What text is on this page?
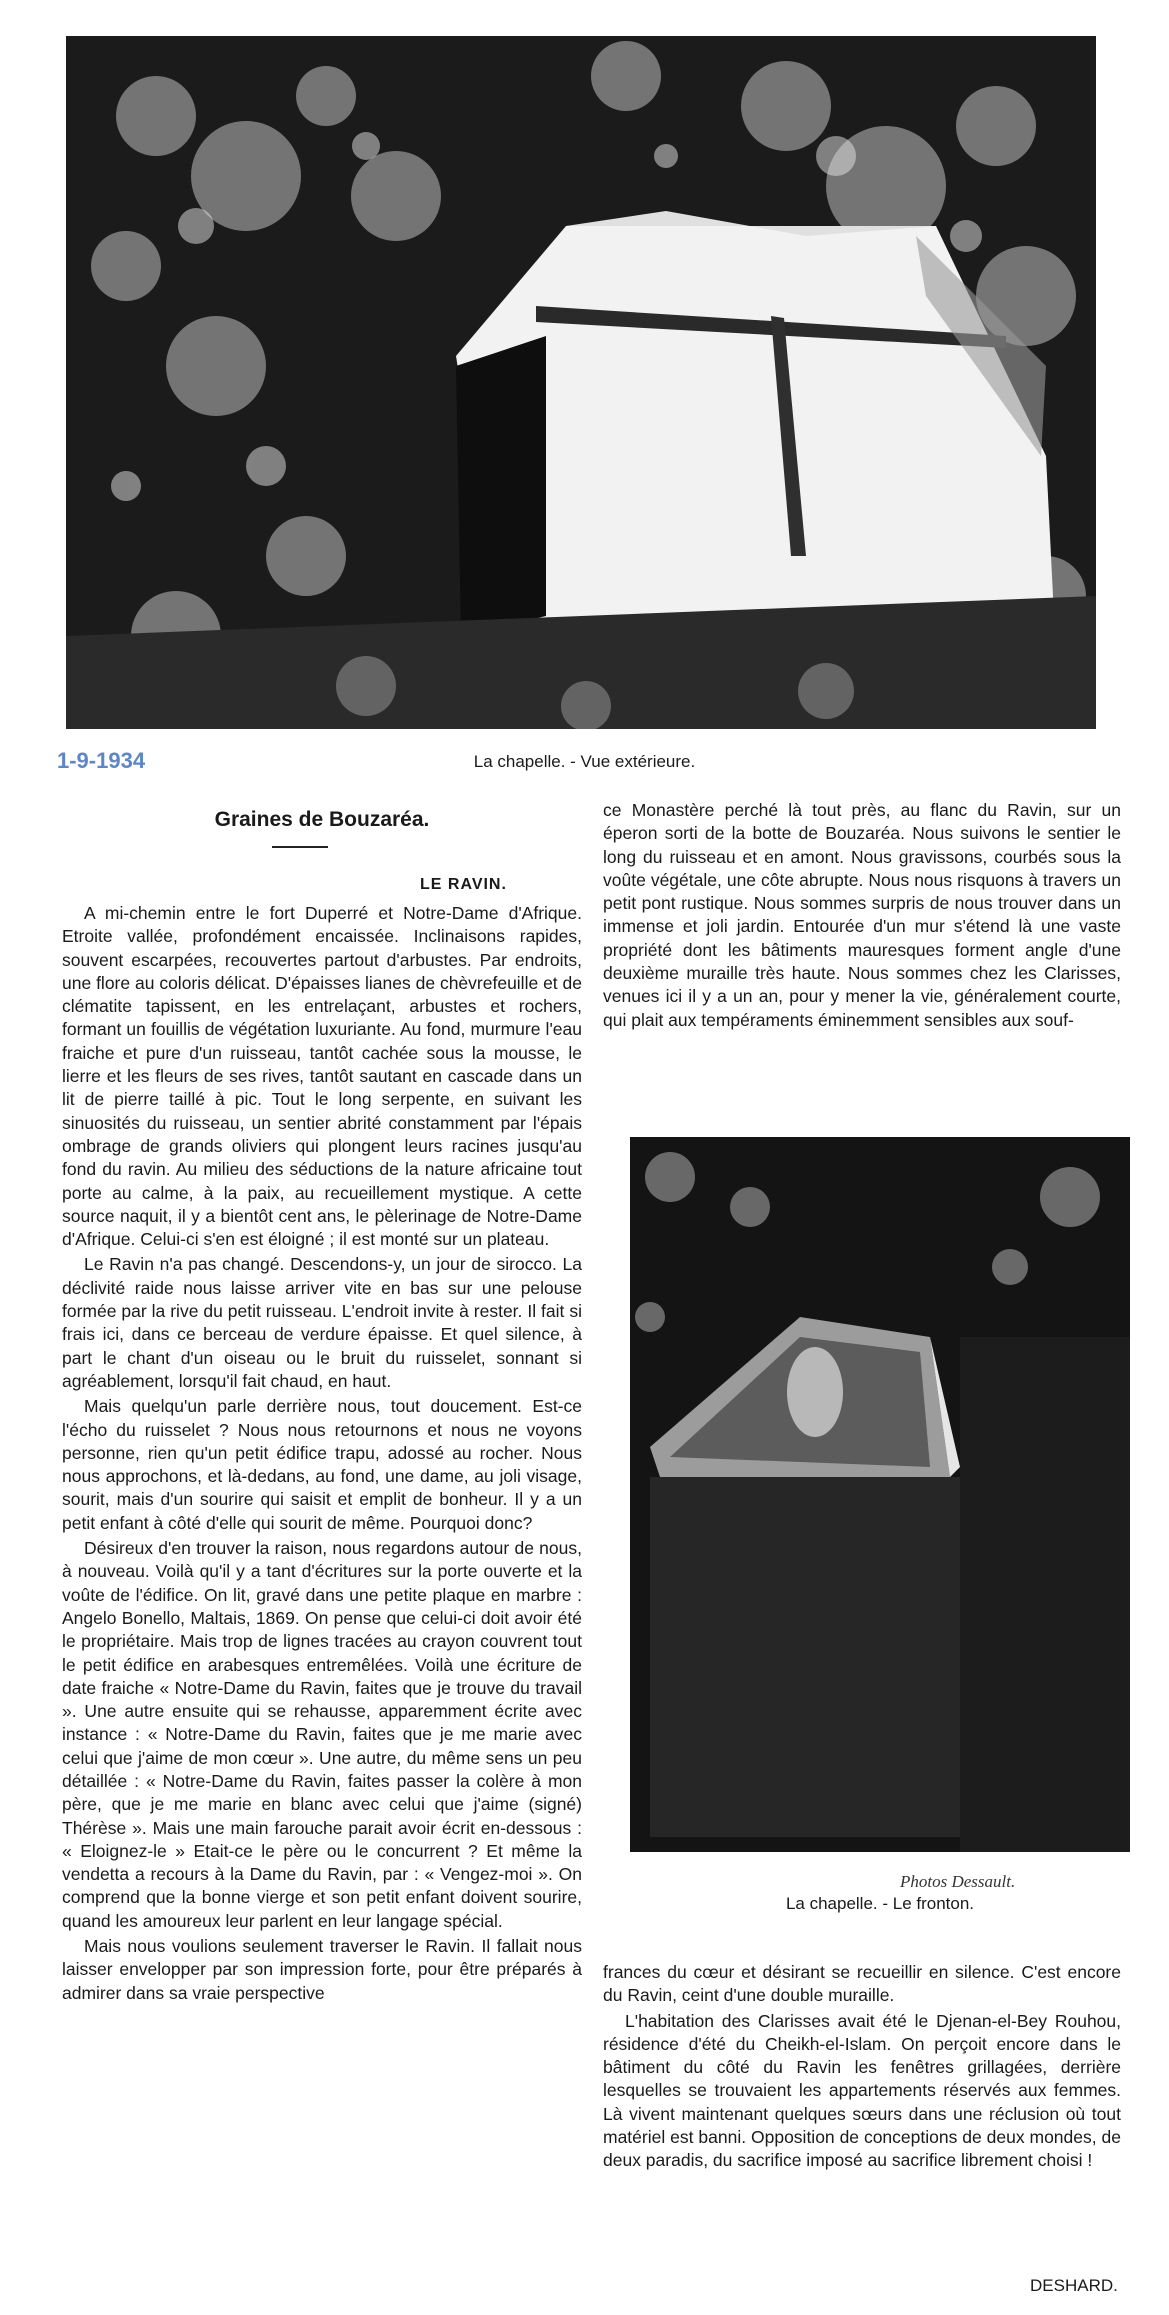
1-9-1934	La chapelle. - Vue extérieure.
Graines de Bouzaréa.
LE RAVIN.

A mi-chemin entre le fort Duperré et Notre-Dame d'Afrique. Etroite vallée, profondément encaissée. Inclinaisons rapides, souvent escarpées, recouvertes partout d'arbustes. Par endroits, une flore au coloris délicat. D'épaisses lianes de chèvrefeuille et de clématite tapissent, en les entrelaçant, arbustes et rochers, formant un fouillis de végétation luxuriante. Au fond, murmure l'eau fraiche et pure d'un ruisseau, tantôt cachée sous la mousse, le lierre et les fleurs de ses rives, tantôt sautant en cascade dans un lit de pierre taillé à pic. Tout le long serpente, en suivant les sinuosités du ruisseau, un sentier abrité constamment par l'épais ombrage de grands oliviers qui plongent leurs racines jusqu'au fond du ravin. Au milieu des séductions de la nature africaine tout porte au calme, à la paix, au recueillement mystique. A cette source naquit, il y a bientôt cent ans, le pèlerinage de Notre-Dame d'Afrique. Celui-ci s'en est éloigné ; il est monté sur un plateau.

Le Ravin n'a pas changé. Descendons-y, un jour de sirocco. La déclivité raide nous laisse arriver vite en bas sur une pelouse formée par la rive du petit ruisseau. L'endroit invite à rester. Il fait si frais ici, dans ce berceau de verdure épaisse. Et quel silence, à part le chant d'un oiseau ou le bruit du ruisselet, sonnant si agréablement, lorsqu'il fait chaud, en haut.

Mais quelqu'un parle derrière nous, tout doucement. Est-ce l'écho du ruisselet ? Nous nous retournons et nous ne voyons personne, rien qu'un petit édifice trapu, adossé au rocher. Nous nous approchons, et là-dedans, au fond, une dame, au joli visage, sourit, mais d'un sourire qui saisit et emplit de bonheur. Il y a un petit enfant à côté d'elle qui sourit de même. Pourquoi donc?

Désireux d'en trouver la raison, nous regardons autour de nous, à nouveau. Voilà qu'il y a tant d'écritures sur la porte ouverte et la voûte de l'édifice. On lit, gravé dans une petite plaque en marbre : Angelo Bonello, Maltais, 1869. On pense que celui-ci doit avoir été le propriétaire. Mais trop de lignes tracées au crayon couvrent tout le petit édifice en arabesques entremêlées. Voilà une écriture de date fraiche « Notre-Dame du Ravin, faites que je trouve du travail ». Une autre ensuite qui se rehausse, apparemment écrite avec instance : « Notre-Dame du Ravin, faites que je me marie avec celui que j'aime de mon cœur ». Une autre, du même sens un peu détaillée : « Notre-Dame du Ravin, faites passer la colère à mon père, que je me marie en blanc avec celui que j'aime (signé) Thérèse ». Mais une main farouche parait avoir écrit en-dessous : « Eloignez-le » Etait-ce le père ou le concurrent ? Et même la vendetta a recours à la Dame du Ravin, par : « Vengez-moi ». On comprend que la bonne vierge et son petit enfant doivent sourire, quand les amoureux leur parlent en leur langage spécial.

Mais nous voulions seulement traverser le Ravin. Il fallait nous laisser envelopper par son impression forte, pour être préparés à admirer dans sa vraie perspective

ce Monastère perché là tout près, au flanc du Ravin, sur un éperon sorti de la botte de Bouzaréa. Nous suivons le sentier le long du ruisseau et en amont. Nous gravissons, courbés sous la voûte végétale, une côte abrupte. Nous nous risquons à travers un petit pont rustique. Nous sommes surpris de nous trouver dans un immense et joli jardin. Entourée d'un mur s'étend là une vaste propriété dont les bâtiments mauresques forment angle d'une deuxième muraille très haute. Nous sommes chez les Clarisses, venues ici il y a un an, pour y mener la vie, généralement courte, qui plait aux tempéraments éminemment sensibles aux souf-

Photos Dessault.
La chapelle. - Le fronton.

frances du cœur et désirant se recueillir en silence. C'est encore du Ravin, ceint d'une double muraille.

L'habitation des Clarisses avait été le Djenan-el-Bey Rouhou, résidence d'été du Cheikh-el-Islam. On perçoit encore dans le bâtiment du côté du Ravin les fenêtres grillagées, derrière lesquelles se trouvaient les appartements réservés aux femmes. Là vivent maintenant quelques sœurs dans une réclusion où tout matériel est banni. Opposition de conceptions de deux mondes, de deux paradis, du sacrifice imposé au sacrifice librement choisi !

DESHARD.
